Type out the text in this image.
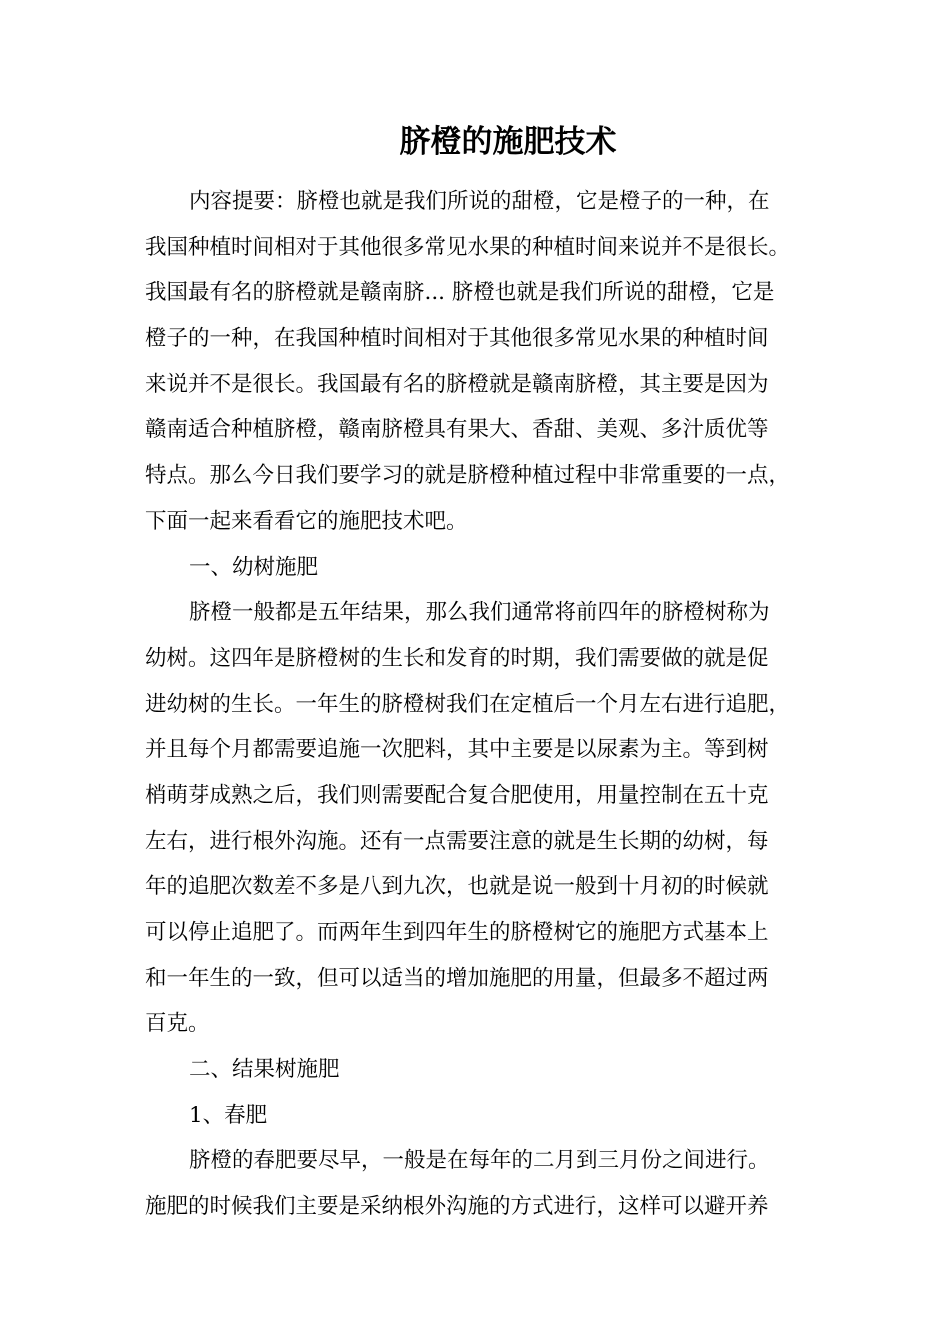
脐橙的施肥技术
内容提要：脐橙也就是我们所说的甜橙，它是橙子的一种，在
我国种植时间相对于其他很多常见水果的种植时间来说并不是很长。
我国最有名的脐橙就是赣南脐... 脐橙也就是我们所说的甜橙，它是
橙子的一种，在我国种植时间相对于其他很多常见水果的种植时间
来说并不是很长。我国最有名的脐橙就是赣南脐橙，其主要是因为
赣南适合种植脐橙，赣南脐橙具有果大、香甜、美观、多汁质优等
特点。那么今日我们要学习的就是脐橙种植过程中非常重要的一点，
下面一起来看看它的施肥技术吧。
一、幼树施肥
脐橙一般都是五年结果，那么我们通常将前四年的脐橙树称为
幼树。这四年是脐橙树的生长和发育的时期，我们需要做的就是促
进幼树的生长。一年生的脐橙树我们在定植后一个月左右进行追肥，
并且每个月都需要追施一次肥料，其中主要是以尿素为主。等到树
梢萌芽成熟之后，我们则需要配合复合肥使用，用量控制在五十克
左右，进行根外沟施。还有一点需要注意的就是生长期的幼树，每
年的追肥次数差不多是八到九次，也就是说一般到十月初的时候就
可以停止追肥了。而两年生到四年生的脐橙树它的施肥方式基本上
和一年生的一致，但可以适当的增加施肥的用量，但最多不超过两
百克。
二、结果树施肥
1、春肥
脐橙的春肥要尽早，一般是在每年的二月到三月份之间进行。
施肥的时候我们主要是采纳根外沟施的方式进行，这样可以避开养
